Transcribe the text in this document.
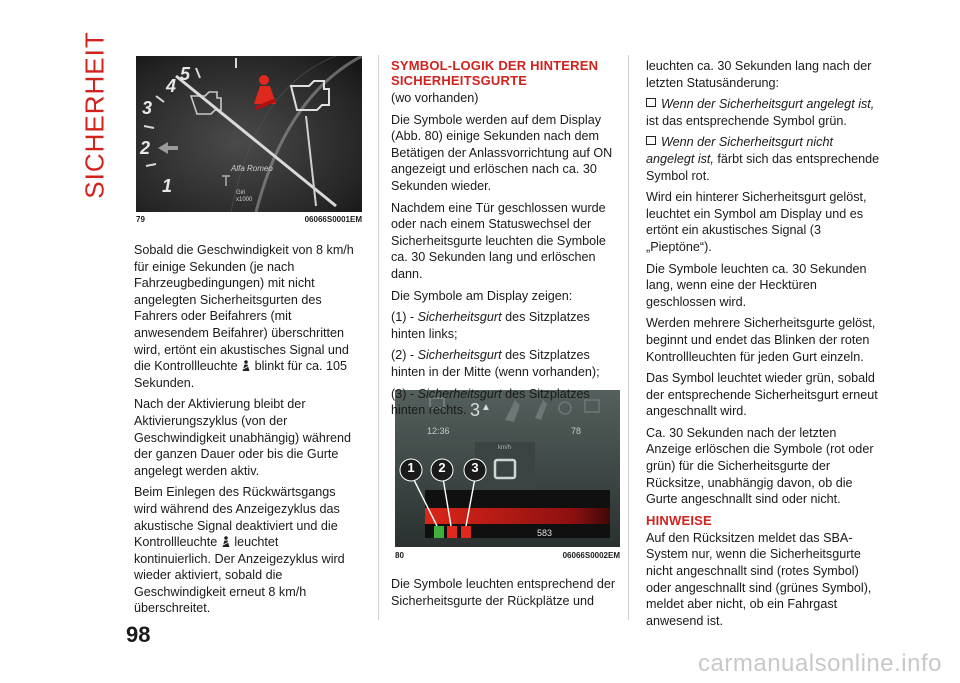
SICHERHEIT	5
4
3
2
1
Alfa Romeo
Giri
x1000
79	06066S0001EM
3 ▲
12:36	78
km/h
583
1	2	3
80	06066S0002EM

Sobald die Geschwindigkeit von 8 km/h für einige Sekunden (je nach Fahrzeugbedingungen) mit nicht angelegten Sicherheitsgurten des Fahrers oder Beifahrers (mit anwesendem Beifahrer) überschritten wird, ertönt ein akustisches Signal und die Kontrollleuchte blinkt für ca. 105 Sekunden.

Nach der Aktivierung bleibt der Aktivierungszyklus (von der Geschwindigkeit unabhängig) während der ganzen Dauer oder bis die Gurte angelegt werden aktiv.

Beim Einlegen des Rückwärtsgangs wird während des Anzeigezyklus das akustische Signal deaktiviert und die Kontrollleuchte leuchtet kontinuierlich. Der Anzeigezyklus wird wieder aktiviert, sobald die Geschwindigkeit erneut 8 km/h überschreitet.

SYMBOL-LOGIK DER HINTEREN SICHERHEITSGURTE

(wo vorhanden)

Die Symbole werden auf dem Display (Abb. 80) einige Sekunden nach dem Betätigen der Anlassvorrichtung auf ON angezeigt und erlöschen nach ca. 30 Sekunden wieder.

Nachdem eine Tür geschlossen wurde oder nach einem Statuswechsel der Sicherheitsgurte leuchten die Symbole ca. 30 Sekunden lang und erlöschen dann.

Die Symbole am Display zeigen:

(1) - Sicherheitsgurt des Sitzplatzes hinten links;

(2) - Sicherheitsgurt des Sitzplatzes hinten in der Mitte (wenn vorhanden);

(3) - Sicherheitsgurt des Sitzplatzes hinten rechts.

Die Symbole leuchten entsprechend der Sicherheitsgurte der Rückplätze und

leuchten ca. 30 Sekunden lang nach der letzten Statusänderung:

Wenn der Sicherheitsgurt angelegt ist, ist das entsprechende Symbol grün.

Wenn der Sicherheitsgurt nicht angelegt ist, färbt sich das entsprechende Symbol rot.

Wird ein hinterer Sicherheitsgurt gelöst, leuchtet ein Symbol am Display und es ertönt ein akustisches Signal (3 „Pieptöne“).

Die Symbole leuchten ca. 30 Sekunden lang, wenn eine der Hecktüren geschlossen wird.

Werden mehrere Sicherheitsgurte gelöst, beginnt und endet das Blinken der roten Kontrollleuchten für jeden Gurt einzeln.

Das Symbol leuchtet wieder grün, sobald der entsprechende Sicherheitsgurt erneut angeschnallt wird.

Ca. 30 Sekunden nach der letzten Anzeige erlöschen die Symbole (rot oder grün) für die Sicherheitsgurte der Rücksitze, unabhängig davon, ob die Gurte angeschnallt sind oder nicht.

HINWEISE

Auf den Rücksitzen meldet das SBA-System nur, wenn die Sicherheitsgurte nicht angeschnallt sind (rotes Symbol) oder angeschnallt sind (grünes Symbol), meldet aber nicht, ob ein Fahrgast anwesend ist.

98
carmanualsonline.info
